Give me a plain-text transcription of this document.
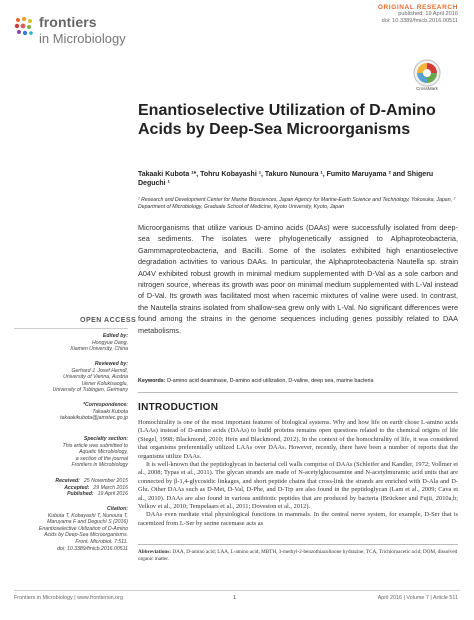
frontiers
in Microbiology
ORIGINAL RESEARCH
published: 19 April 2016
doi: 10.3389/fmicb.2016.00511
CrossMark
Enantioselective Utilization of D-Amino Acids by Deep-Sea Microorganisms
Takaaki Kubota ¹*, Tohru Kobayashi ¹, Takuro Nunoura ¹, Fumito Maruyama ² and Shigeru Deguchi ¹
¹ Research and Development Center for Marine Biosciences, Japan Agency for Marine-Earth Science and Technology, Yokosuka, Japan, ² Department of Microbiology, Graduate School of Medicine, Kyoto University, Kyoto, Japan
Microorganisms that utilize various D-amino acids (DAAs) were successfully isolated from deep-sea sediments. The isolates were phylogenetically assigned to Alphaproteobacteria, Gammmaproteobacteria, and Bacilli. Some of the isolates exhibited high enantioselective degradation activities to various DAAs. In particular, the Alphaproteobacteria Nautella sp. strain A04V exhibited robust growth in minimal medium supplemented with D-Val as a sole carbon and nitrogen source, whereas its growth was poor on minimal medium supplemented with L-Val instead of D-Val. Its growth was facilitated most when racemic mixtures of valine were used. In contrast, the Nautella strains isolated from shallow-sea grew only with L-Val. No significant differences were found among the strains in the genome sequences including genes possibly related to DAA metabolisms.
Keywords: D-amino acid deaminase, D-amino acid utilization, D-valine, deep sea, marine bacteria
OPEN ACCESS
Edited by:
Hongyue Dang,
Xiamen University, China
Reviewed by:
Gerhard J. Josef Herndl,
University of Vienna, Austria
Uener Kolukisaoglu,
University of Tubingen, Germany
*Correspondence:
Takaaki Kubota
takaakikubota@jamstec.go.jp
Specialty section:
This article was submitted to
Aquatic Microbiology,
a section of the journal
Frontiers in Microbiology
Received: 25 November 2015
Accepted: 29 March 2016
Published: 19 April 2016
Citation:
Kubota T, Kobayashi T, Nunoura T,
Maruyama F and Deguchi S (2016)
Enantioselective Utilization of D-Amino
Acids by Deep-Sea Microorganisms.
Front. Microbiol. 7:511.
doi: 10.3389/fmicb.2016.00511
INTRODUCTION

Homochirality is one of the most important features of biological systems. Why and how life on earth chose L-amino acids (LAAs) instead of D-amino acids (DAAs) to build proteins remains open questions related to the chemical origins of life (Siegel, 1998; Blackmond, 2010; Hein and Blackmond, 2012). In the context of the homochirality of life, it was considered that organisms preferentially utilized LAAs over DAAs. However, recently, there have been a number of reports that the organisms utilize DAAs.

It is well-known that the peptidoglycan in bacterial cell walls comprise of DAAs (Schleifer and Kandler, 1972; Vollmer et al., 2008; Typas et al., 2011). The glycan strands are made of N-acetylglucosamine and N-acetylmuramic acid units that are connected by β-1,4-glycosidic linkages, and short peptide chains that cross-link the strands are enriched with D-Ala and D-Glu. Other DAAs such as D-Met, D-Val, D-Phe, and D-Trp are also found in the peptidoglycan (Lam et al., 2009; Cava et al., 2010). DAAs are also found in various antibiotic peptides that are produced by bacteria (Brückner and Fujii, 2010a,b; Velkov et al., 2010; Tempelaars et al., 2011; Doveston et al., 2012).

DAAs even mediate vital physiological functions in mammals. In the central nerve system, for example, D-Ser that is racemized from L-Ser by serine racemase acts as

Abbreviations: DAA, D-amino acid; LAA, L-amino acid; MBTH, 3-methyl-2-benzothiazolinone hydrazine; TCA, Trichloroacetic acid; DOM, dissolved organic matter.
Frontiers in Microbiology | www.frontiersin.org	1	April 2016 | Volume 7 | Article 511
